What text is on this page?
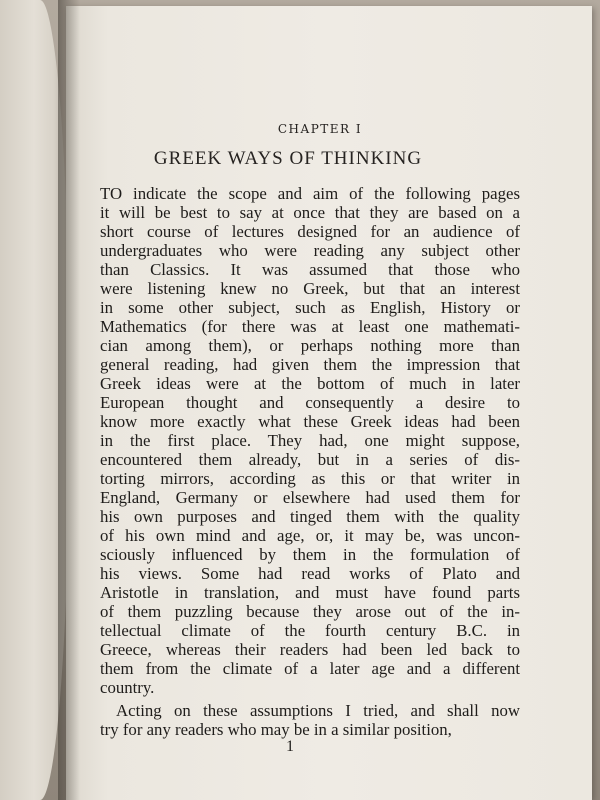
CHAPTER I
GREEK WAYS OF THINKING
TO indicate the scope and aim of the following pages
it will be best to say at once that they are based on a
short course of lectures designed for an audience of
undergraduates who were reading any subject other
than Classics. It was assumed that those who
were listening knew no Greek, but that an interest
in some other subject, such as English, History or
Mathematics (for there was at least one mathemati-
cian among them), or perhaps nothing more than
general reading, had given them the impression that
Greek ideas were at the bottom of much in later
European thought and consequently a desire to
know more exactly what these Greek ideas had been
in the first place. They had, one might suppose,
encountered them already, but in a series of dis-
torting mirrors, according as this or that writer in
England, Germany or elsewhere had used them for
his own purposes and tinged them with the quality
of his own mind and age, or, it may be, was uncon-
sciously influenced by them in the formulation of
his views. Some had read works of Plato and
Aristotle in translation, and must have found parts
of them puzzling because they arose out of the in-
tellectual climate of the fourth century B.C. in
Greece, whereas their readers had been led back to
them from the climate of a later age and a different
country.
Acting on these assumptions I tried, and shall now
try for any readers who may be in a similar position,
1
